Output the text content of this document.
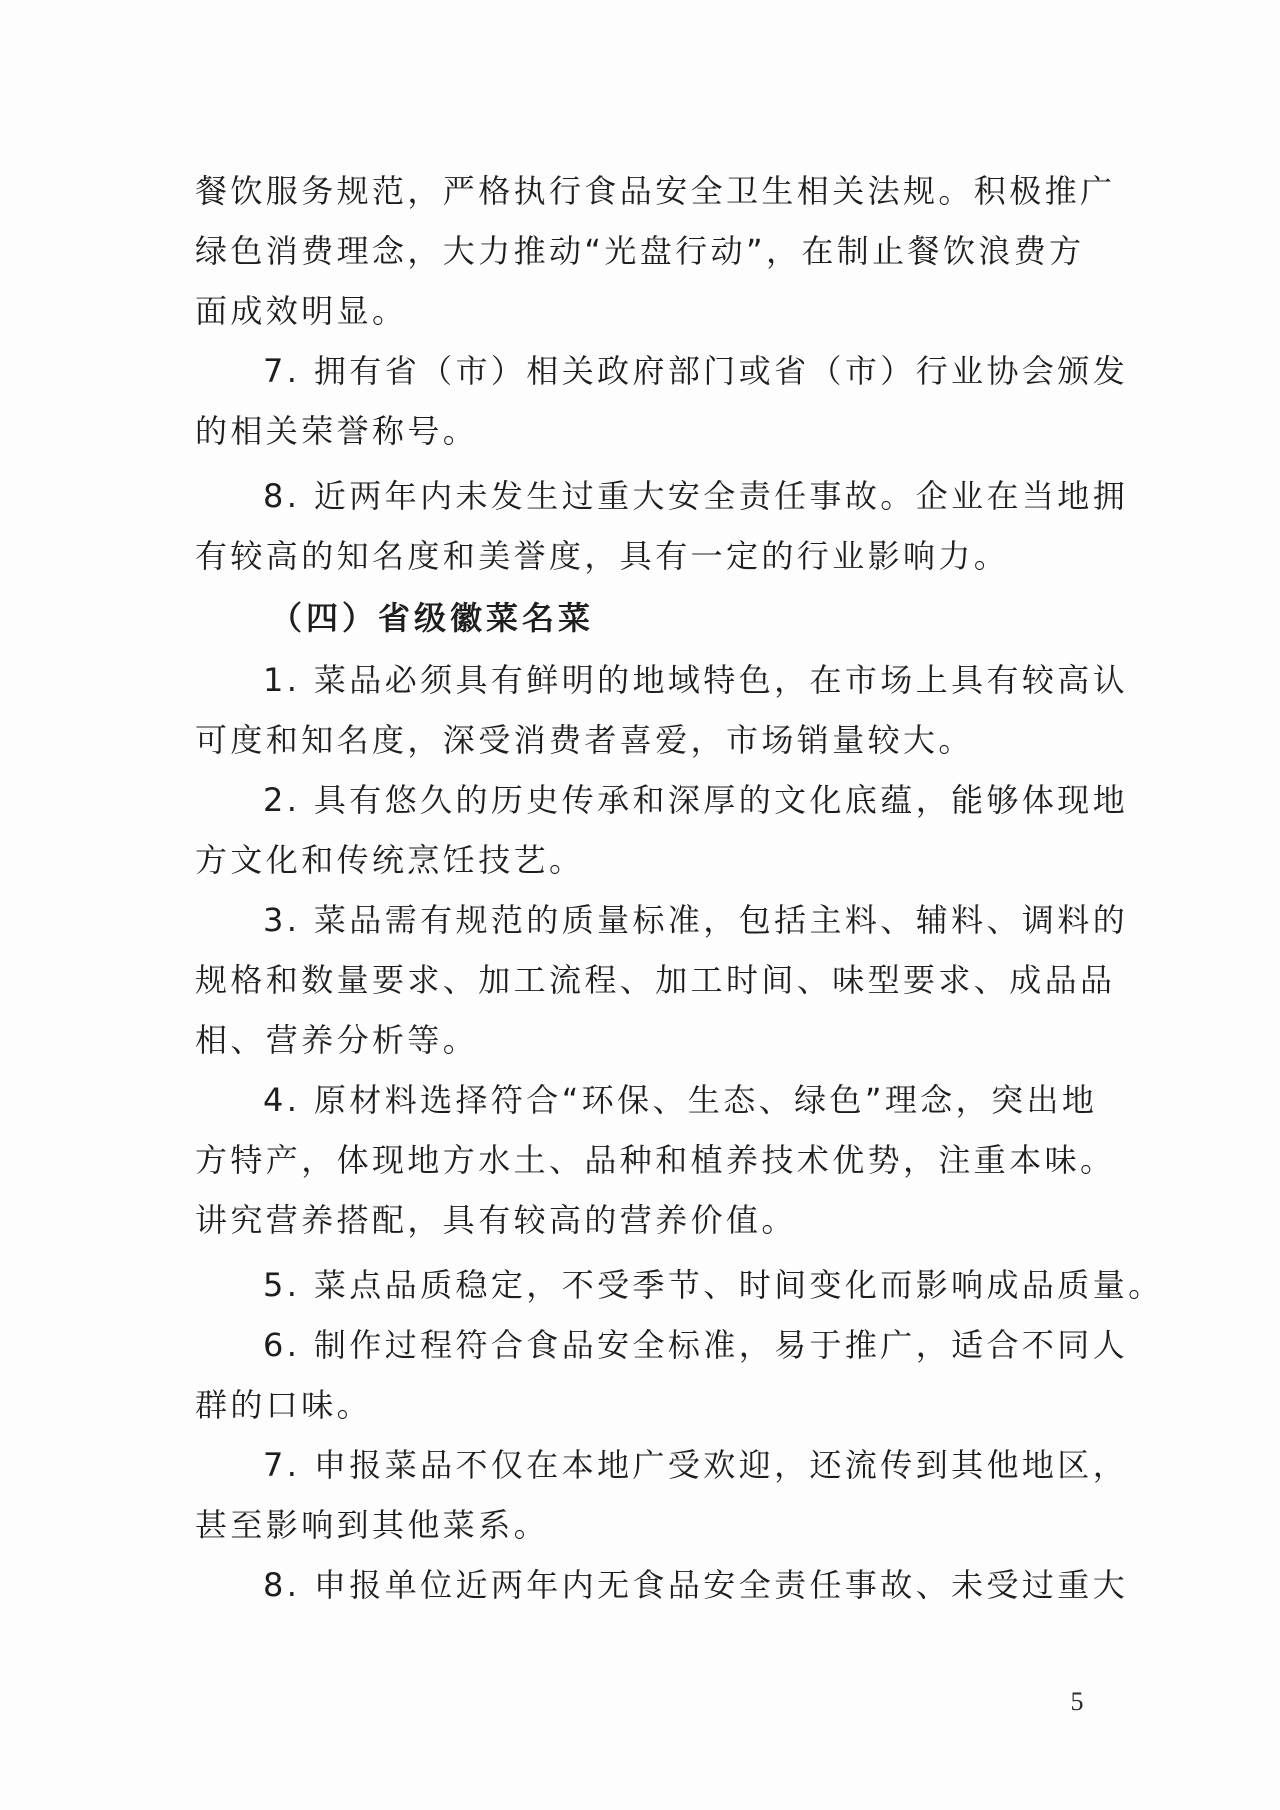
餐饮服务规范，严格执行食品安全卫生相关法规。积极推广
绿色消费理念，大力推动“光盘行动”，在制止餐饮浪费方
面成效明显。
7. 拥有省（市）相关政府部门或省（市）行业协会颁发
的相关荣誉称号。
8. 近两年内未发生过重大安全责任事故。企业在当地拥
有较高的知名度和美誉度，具有一定的行业影响力。
（四）省级徽菜名菜
1. 菜品必须具有鲜明的地域特色，在市场上具有较高认
可度和知名度，深受消费者喜爱，市场销量较大。
2. 具有悠久的历史传承和深厚的文化底蕴，能够体现地
方文化和传统烹饪技艺。
3. 菜品需有规范的质量标准，包括主料、辅料、调料的
规格和数量要求、加工流程、加工时间、味型要求、成品品
相、营养分析等。
4. 原材料选择符合“环保、生态、绿色”理念，突出地
方特产，体现地方水土、品种和植养技术优势，注重本味。
讲究营养搭配，具有较高的营养价值。
5. 菜点品质稳定，不受季节、时间变化而影响成品质量。
6. 制作过程符合食品安全标准，易于推广，适合不同人
群的口味。
7. 申报菜品不仅在本地广受欢迎，还流传到其他地区，
甚至影响到其他菜系。
8. 申报单位近两年内无食品安全责任事故、未受过重大
5
